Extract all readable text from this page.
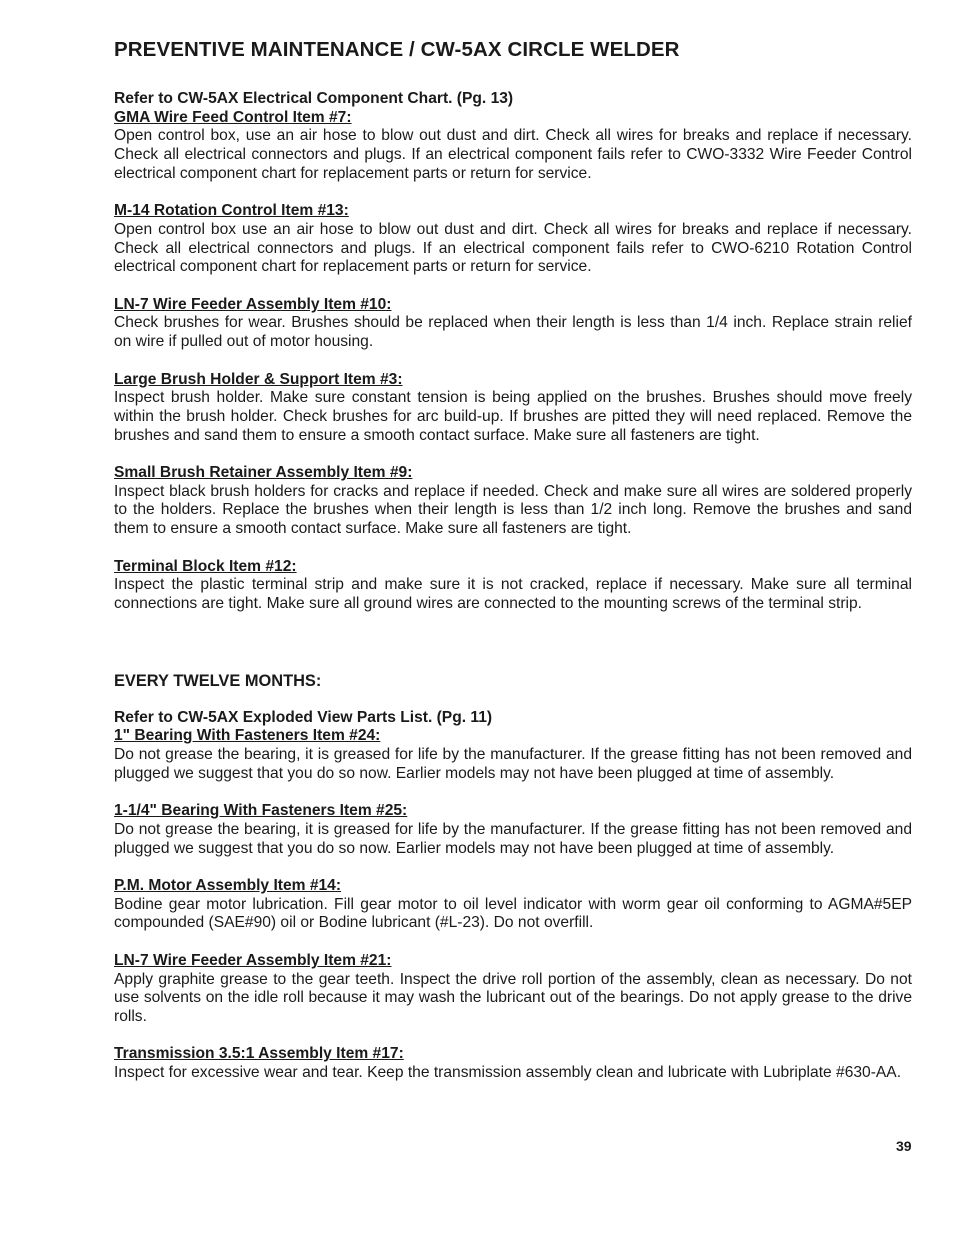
PREVENTIVE MAINTENANCE / CW-5AX CIRCLE WELDER
Refer to CW-5AX Electrical Component Chart. (Pg. 13)
GMA Wire Feed Control Item #7:

Open control box, use an air hose to blow out dust and dirt. Check all wires for breaks and replace if necessary. Check all electrical connectors and plugs. If an electrical component fails refer to CWO-3332 Wire Feeder Control electrical component chart for replacement parts or return for service.

M-14 Rotation Control Item #13:

Open control box use an air hose to blow out dust and dirt. Check all wires for breaks and replace if necessary. Check all electrical connectors and plugs. If an electrical component fails refer to CWO-6210 Rotation Control electrical component chart for replacement parts or return for service.

LN-7 Wire Feeder Assembly Item #10:

Check brushes for wear. Brushes should be replaced when their length is less than 1/4 inch. Replace strain relief on wire if pulled out of motor housing.

Large Brush Holder & Support Item #3:

Inspect brush holder. Make sure constant tension is being applied on the brushes. Brushes should move freely within the brush holder. Check brushes for arc build-up. If brushes are pitted they will need replaced. Remove the brushes and sand them to ensure a smooth contact surface. Make sure all fasteners are tight.

Small Brush Retainer Assembly Item #9:

Inspect black brush holders for cracks and replace if needed. Check and make sure all wires are soldered properly to the holders. Replace the brushes when their length is less than 1/2 inch long. Remove the brushes and sand them to ensure a smooth contact surface. Make sure all fasteners are tight.

Terminal Block Item #12:

Inspect the plastic terminal strip and make sure it is not cracked, replace if necessary. Make sure all terminal connections are tight. Make sure all ground wires are connected to the mounting screws of the terminal strip.

EVERY TWELVE MONTHS:
Refer to CW-5AX Exploded View Parts List. (Pg. 11)
1" Bearing With Fasteners Item #24:

Do not grease the bearing, it is greased for life by the manufacturer. If the grease fitting has not been removed and plugged we suggest that you do so now. Earlier models may not have been plugged at time of assembly.

1-1/4" Bearing With Fasteners Item #25:

Do not grease the bearing, it is greased for life by the manufacturer. If the grease fitting has not been removed and plugged we suggest that you do so now. Earlier models may not have been plugged at time of assembly.

P.M. Motor Assembly Item #14:

Bodine gear motor lubrication. Fill gear motor to oil level indicator with worm gear oil conforming to AGMA#5EP compounded (SAE#90) oil or Bodine lubricant (#L-23). Do not overfill.

LN-7 Wire Feeder Assembly Item #21:

Apply graphite grease to the gear teeth. Inspect the drive roll portion of the assembly, clean as necessary. Do not use solvents on the idle roll because it may wash the lubricant out of the bearings. Do not apply grease to the drive rolls.

Transmission 3.5:1 Assembly Item #17:

Inspect for excessive wear and tear. Keep the transmission assembly clean and lubricate with Lubriplate #630-AA.

39
